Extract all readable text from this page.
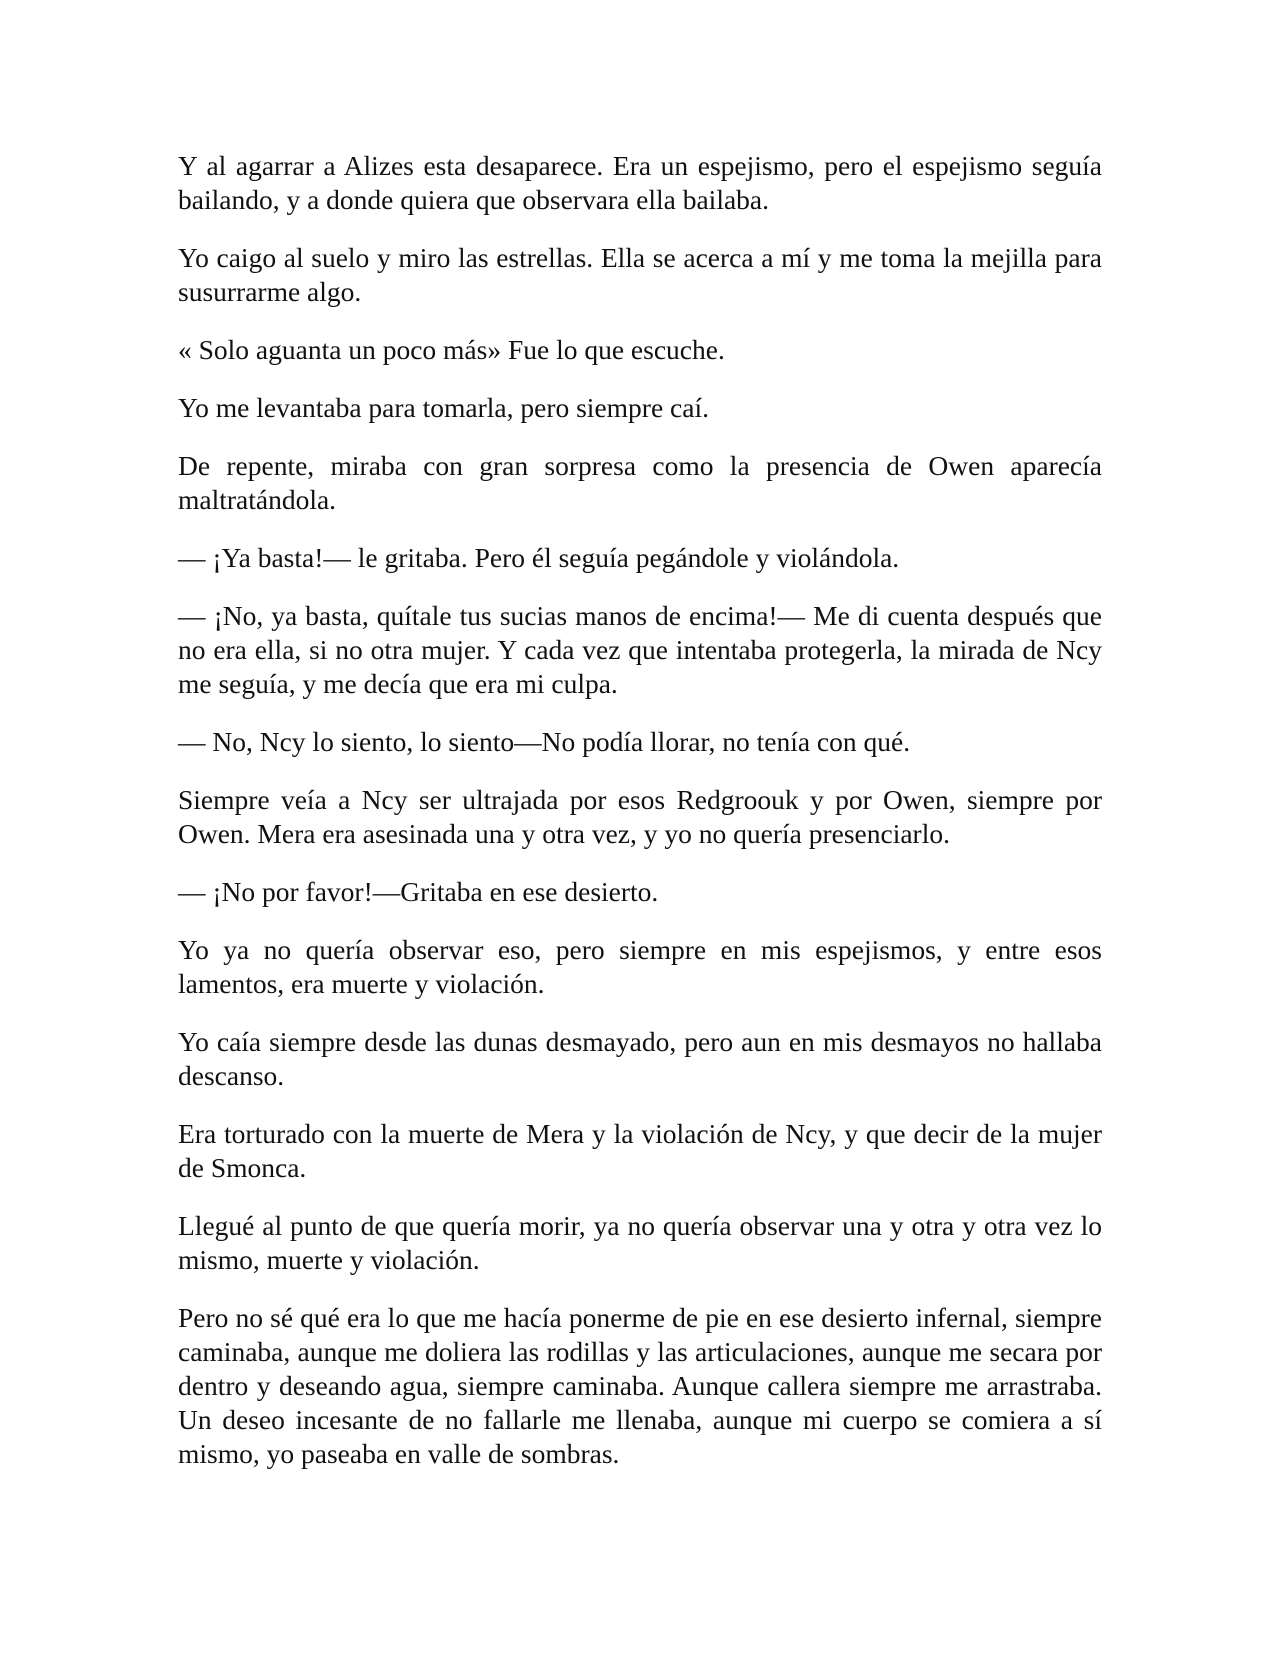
Y al agarrar a Alizes esta desaparece. Era un espejismo, pero el espejismo seguía bailando, y a donde quiera que observara ella bailaba.

Yo caigo al suelo y miro las estrellas. Ella se acerca a mí y me toma la mejilla para susurrarme algo.

« Solo aguanta un poco más» Fue lo que escuche.

Yo me levantaba para tomarla, pero siempre caí.

De repente, miraba con gran sorpresa como la presencia de Owen aparecía maltratándola.

— ¡Ya basta!— le gritaba. Pero él seguía pegándole y violándola.

— ¡No, ya basta, quítale tus sucias manos de encima!— Me di cuenta después que no era ella, si no otra mujer. Y cada vez que intentaba protegerla, la mirada de Ncy me seguía, y me decía que era mi culpa.

— No, Ncy lo siento, lo siento—No podía llorar, no tenía con qué.

Siempre veía a Ncy ser ultrajada por esos Redgroouk y por Owen, siempre por Owen. Mera era asesinada una y otra vez, y yo no quería presenciarlo.

— ¡No por favor!—Gritaba en ese desierto.

Yo ya no quería observar eso, pero siempre en mis espejismos, y entre esos lamentos, era muerte y violación.

Yo caía siempre desde las dunas desmayado, pero aun en mis desmayos no hallaba descanso.

Era torturado con la muerte de Mera y la violación de Ncy, y que decir de la mujer de Smonca.

Llegué al punto de que quería morir, ya no quería observar una y otra y otra vez lo mismo, muerte y violación.

Pero no sé qué era lo que me hacía ponerme de pie en ese desierto infernal, siempre caminaba, aunque me doliera las rodillas y las articulaciones, aunque me secara por dentro y deseando agua, siempre caminaba. Aunque callera siempre me arrastraba. Un deseo incesante de no fallarle me llenaba, aunque mi cuerpo se comiera a sí mismo, yo paseaba en valle de sombras.
